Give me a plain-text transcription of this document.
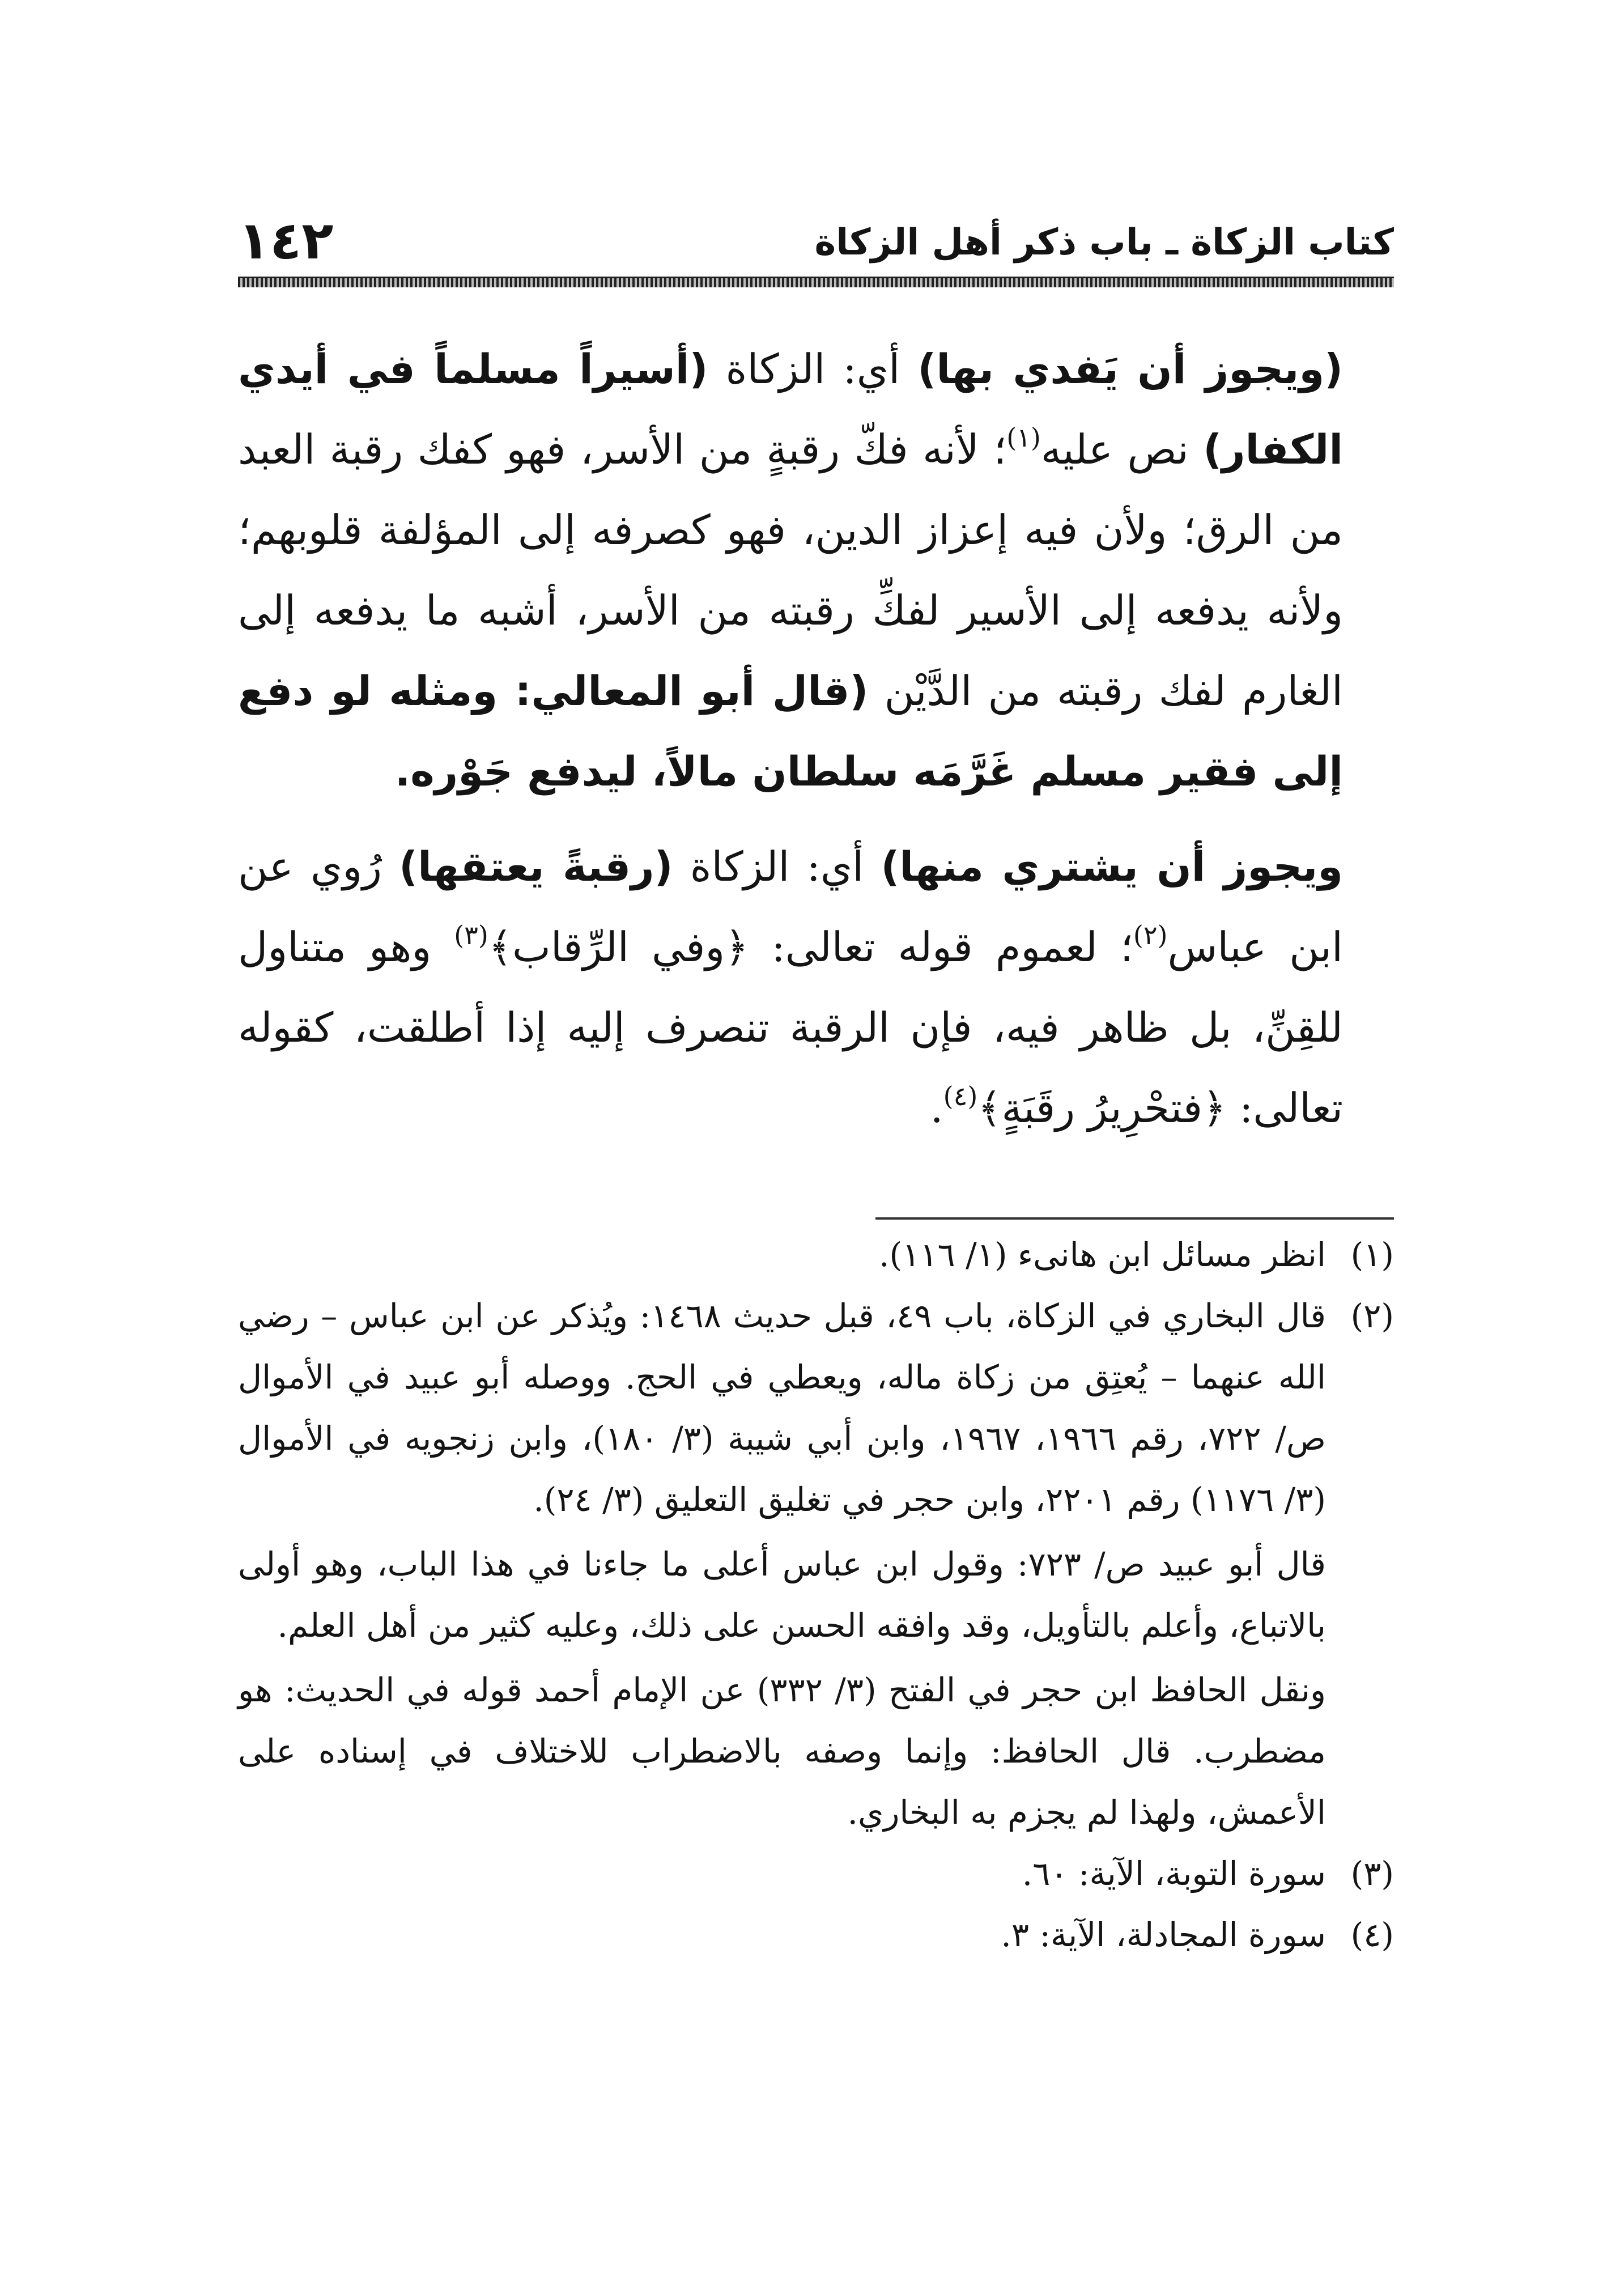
١٤٢	كتاب الزكاة ـ باب ذكر أهل الزكاة

(ويجوز أن يَفدي بها) أي: الزكاة (أسيراً مسلماً في أيدي الكفار) نص عليه$^{(١)}$؛ لأنه فكّ رقبةٍ من الأسر، فهو كفك رقبة العبد من الرق؛ ولأن فيه إعزاز الدين، فهو كصرفه إلى المؤلفة قلوبهم؛ ولأنه يدفعه إلى الأسير لفكِّ رقبته من الأسر، أشبه ما يدفعه إلى الغارم لفك رقبته من الدَّيْن (قال أبو المعالي: ومثله لو دفع إلى فقير مسلم غَرَّمَه سلطان مالاً، ليدفع جَوْره.

ويجوز أن يشتري منها) أي: الزكاة (رقبةً يعتقها) رُوي عن ابن عباس$^{(٢)}$؛ لعموم قوله تعالى: ﴿وفي الرِّقاب﴾$^{(٣)}$ وهو متناول للقِنِّ، بل ظاهر فيه، فإن الرقبة تنصرف إليه إذا أطلقت، كقوله تعالى: ﴿فتحْرِيرُ رقَبَةٍ﴾$^{(٤)}$.

(١)

انظر مسائل ابن هانىء (١/ ١١٦).

(٢)

قال البخاري في الزكاة، باب ٤٩، قبل حديث ١٤٦٨: ويُذكر عن ابن عباس – رضي الله عنهما – يُعتِق من زكاة ماله، ويعطي في الحج. ووصله أبو عبيد في الأموال ص/ ٧٢٢، رقم ١٩٦٦، ١٩٦٧، وابن أبي شيبة (٣/ ١٨٠)، وابن زنجويه في الأموال (٣/ ١١٧٦) رقم ٢٢٠١، وابن حجر في تغليق التعليق (٣/ ٢٤).

قال أبو عبيد ص/ ٧٢٣: وقول ابن عباس أعلى ما جاءنا في هذا الباب، وهو أولى بالاتباع، وأعلم بالتأويل، وقد وافقه الحسن على ذلك، وعليه كثير من أهل العلم.

ونقل الحافظ ابن حجر في الفتح (٣/ ٣٣٢) عن الإمام أحمد قوله في الحديث: هو مضطرب. قال الحافظ: وإنما وصفه بالاضطراب للاختلاف في إسناده على الأعمش، ولهذا لم يجزم به البخاري.

(٣)

سورة التوبة، الآية: ٦٠.

(٤)

سورة المجادلة، الآية: ٣.
